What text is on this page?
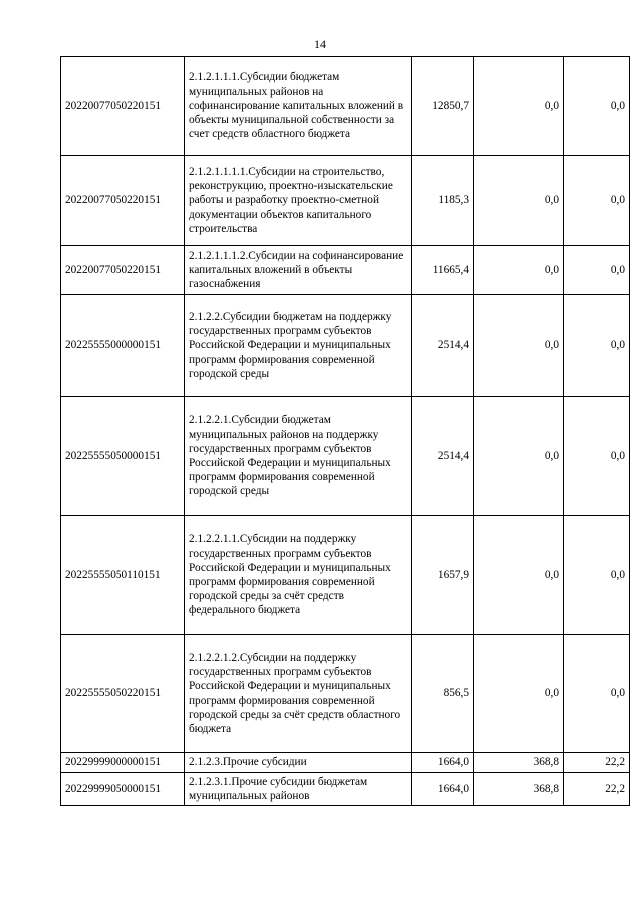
14
20220077050220151	2.1.2.1.1.1.Субсидии бюджетам муниципальных районов на софинансирование капитальных вложений в объекты муниципальной собственности за счет средств областного бюджета	12850,7	0,0	0,0
20220077050220151	2.1.2.1.1.1.1.Субсидии на строительство, реконструкцию, проектно-изыскательские работы и разработку проектно-сметной документации объектов капитального строительства	1185,3	0,0	0,0
20220077050220151	2.1.2.1.1.1.2.Субсидии на софинансирование капитальных вложений в объекты газоснабжения	11665,4	0,0	0,0
20225555000000151	2.1.2.2.Субсидии бюджетам на поддержку государственных программ субъектов Российской Федерации и муниципальных программ формирования современной городской среды	2514,4	0,0	0,0
20225555050000151	2.1.2.2.1.Субсидии бюджетам муниципальных районов на поддержку государственных программ субъектов Российской Федерации и муниципальных программ формирования современной городской среды	2514,4	0,0	0,0
20225555050110151	2.1.2.2.1.1.Субсидии на поддержку государственных программ субъектов Российской Федерации и муниципальных программ формирования современной городской среды за счёт средств федерального бюджета	1657,9	0,0	0,0
20225555050220151	2.1.2.2.1.2.Субсидии на поддержку государственных программ субъектов Российской Федерации и муниципальных программ формирования современной городской среды за счёт средств областного бюджета	856,5	0,0	0,0
20229999000000151	2.1.2.3.Прочие субсидии	1664,0	368,8	22,2
20229999050000151	2.1.2.3.1.Прочие субсидии бюджетам муниципальных районов	1664,0	368,8	22,2
